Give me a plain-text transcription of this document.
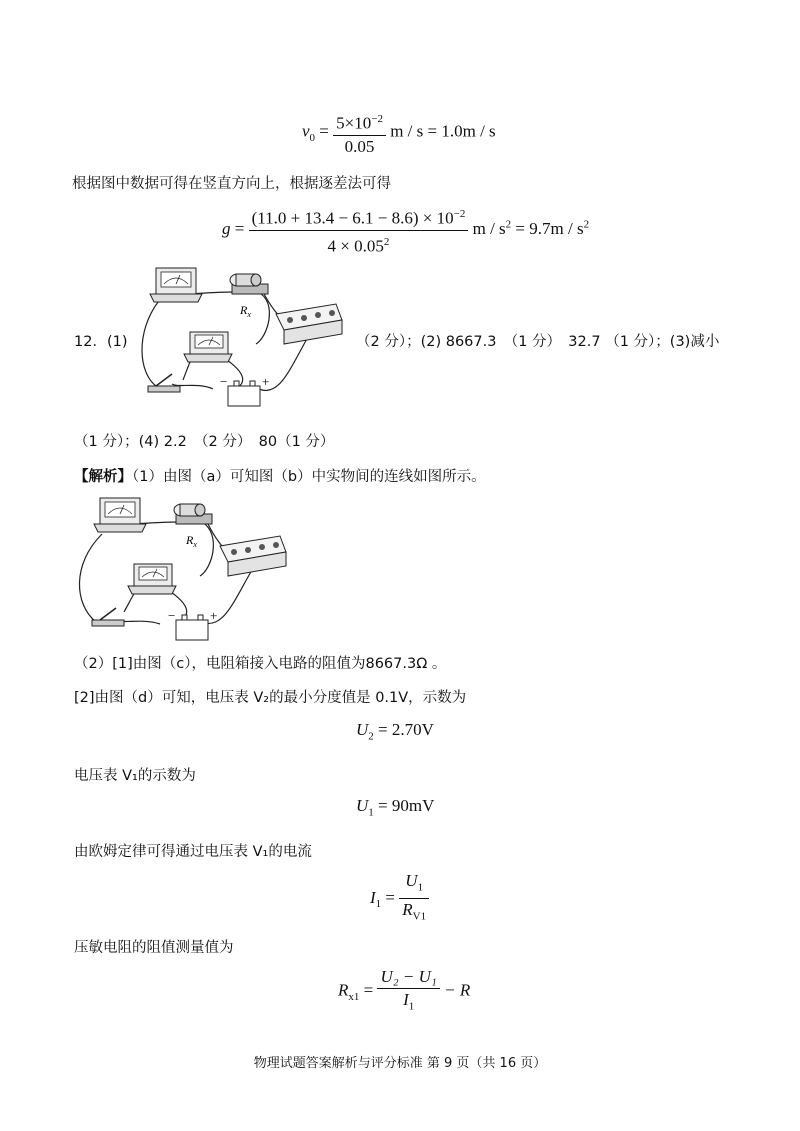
$v_0 = \frac{5\times 10^{-2}}{0.05}$ m / s = 1.0m / s
根据图中数据可得在竖直方向上，根据逐差法可得
$g = \frac{(11.0 + 13.4 - 6.1 - 8.6) \times 10^{-2}}{4 \times 0.05^2}$ $m / s^2 = 9.7m / s^2$
12．(1)
$R_x$
−	+
（2 分）；(2) 8667.3　（1 分）　32.7 （1 分）；(3)减小
（1 分）；(4) 2.2　（2 分）　80（1 分）
【解析】（1）由图（a）可知图（b）中实物间的连线如图所示。
$R_x$
−	+
（2）[1]由图（c），电阻箱接入电路的阻值为8667.3Ω 。
[2]由图（d）可知，电压表 V₂的最小分度值是 0.1V，示数为
$U_2 = 2.70V$
电压表 V₁的示数为
$U_1 = 90mV$
由欧姆定律可得通过电压表 V₁的电流
$I_1 = \frac{U_1}{R_{V1}}$
压敏电阻的阻值测量值为
$R_{x1} = \frac{\text{U₂ − U₁}}{I_1} - R$
物理试题答案解析与评分标准 第 9 页（共 16 页）
